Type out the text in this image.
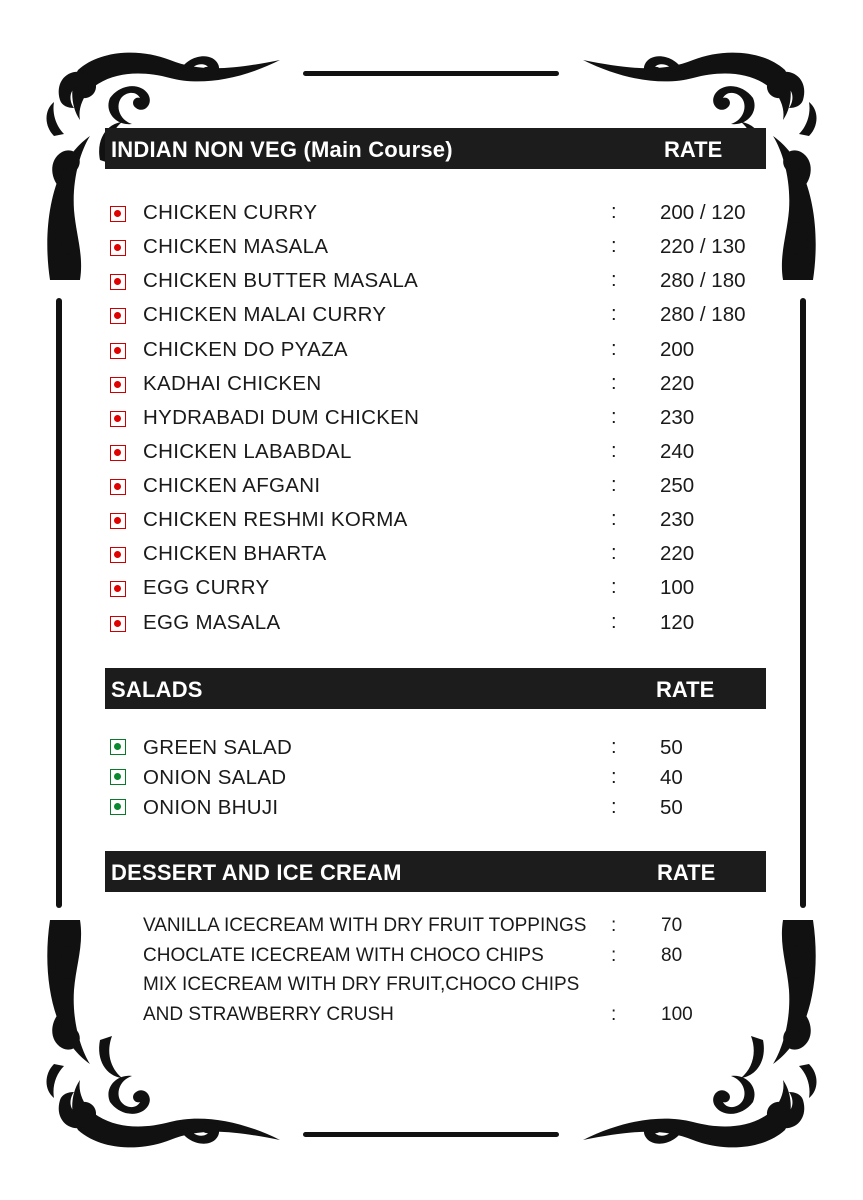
INDIAN NON VEG (Main Course)	RATE
CHICKEN CURRY	: 200 / 120
CHICKEN MASALA	: 220 / 130
CHICKEN BUTTER MASALA	: 280 / 180
CHICKEN MALAI CURRY	: 280 / 180
CHICKEN DO PYAZA	: 200
KADHAI CHICKEN	: 220
HYDRABADI DUM CHICKEN	: 230
CHICKEN LABABDAL	: 240
CHICKEN AFGANI	: 250
CHICKEN RESHMI KORMA	: 230
CHICKEN BHARTA	: 220
EGG CURRY	: 100
EGG MASALA	: 120
SALADS	RATE
GREEN SALAD	: 50
ONION SALAD	: 40
ONION BHUJI	: 50
DESSERT AND ICE CREAM	RATE
VANILLA ICECREAM WITH DRY FRUIT TOPPINGS : 70
CHOCLATE ICECREAM WITH CHOCO CHIPS	: 80
MIX ICECREAM WITH DRY FRUIT,CHOCO CHIPS
AND STRAWBERRY CRUSH	: 100
